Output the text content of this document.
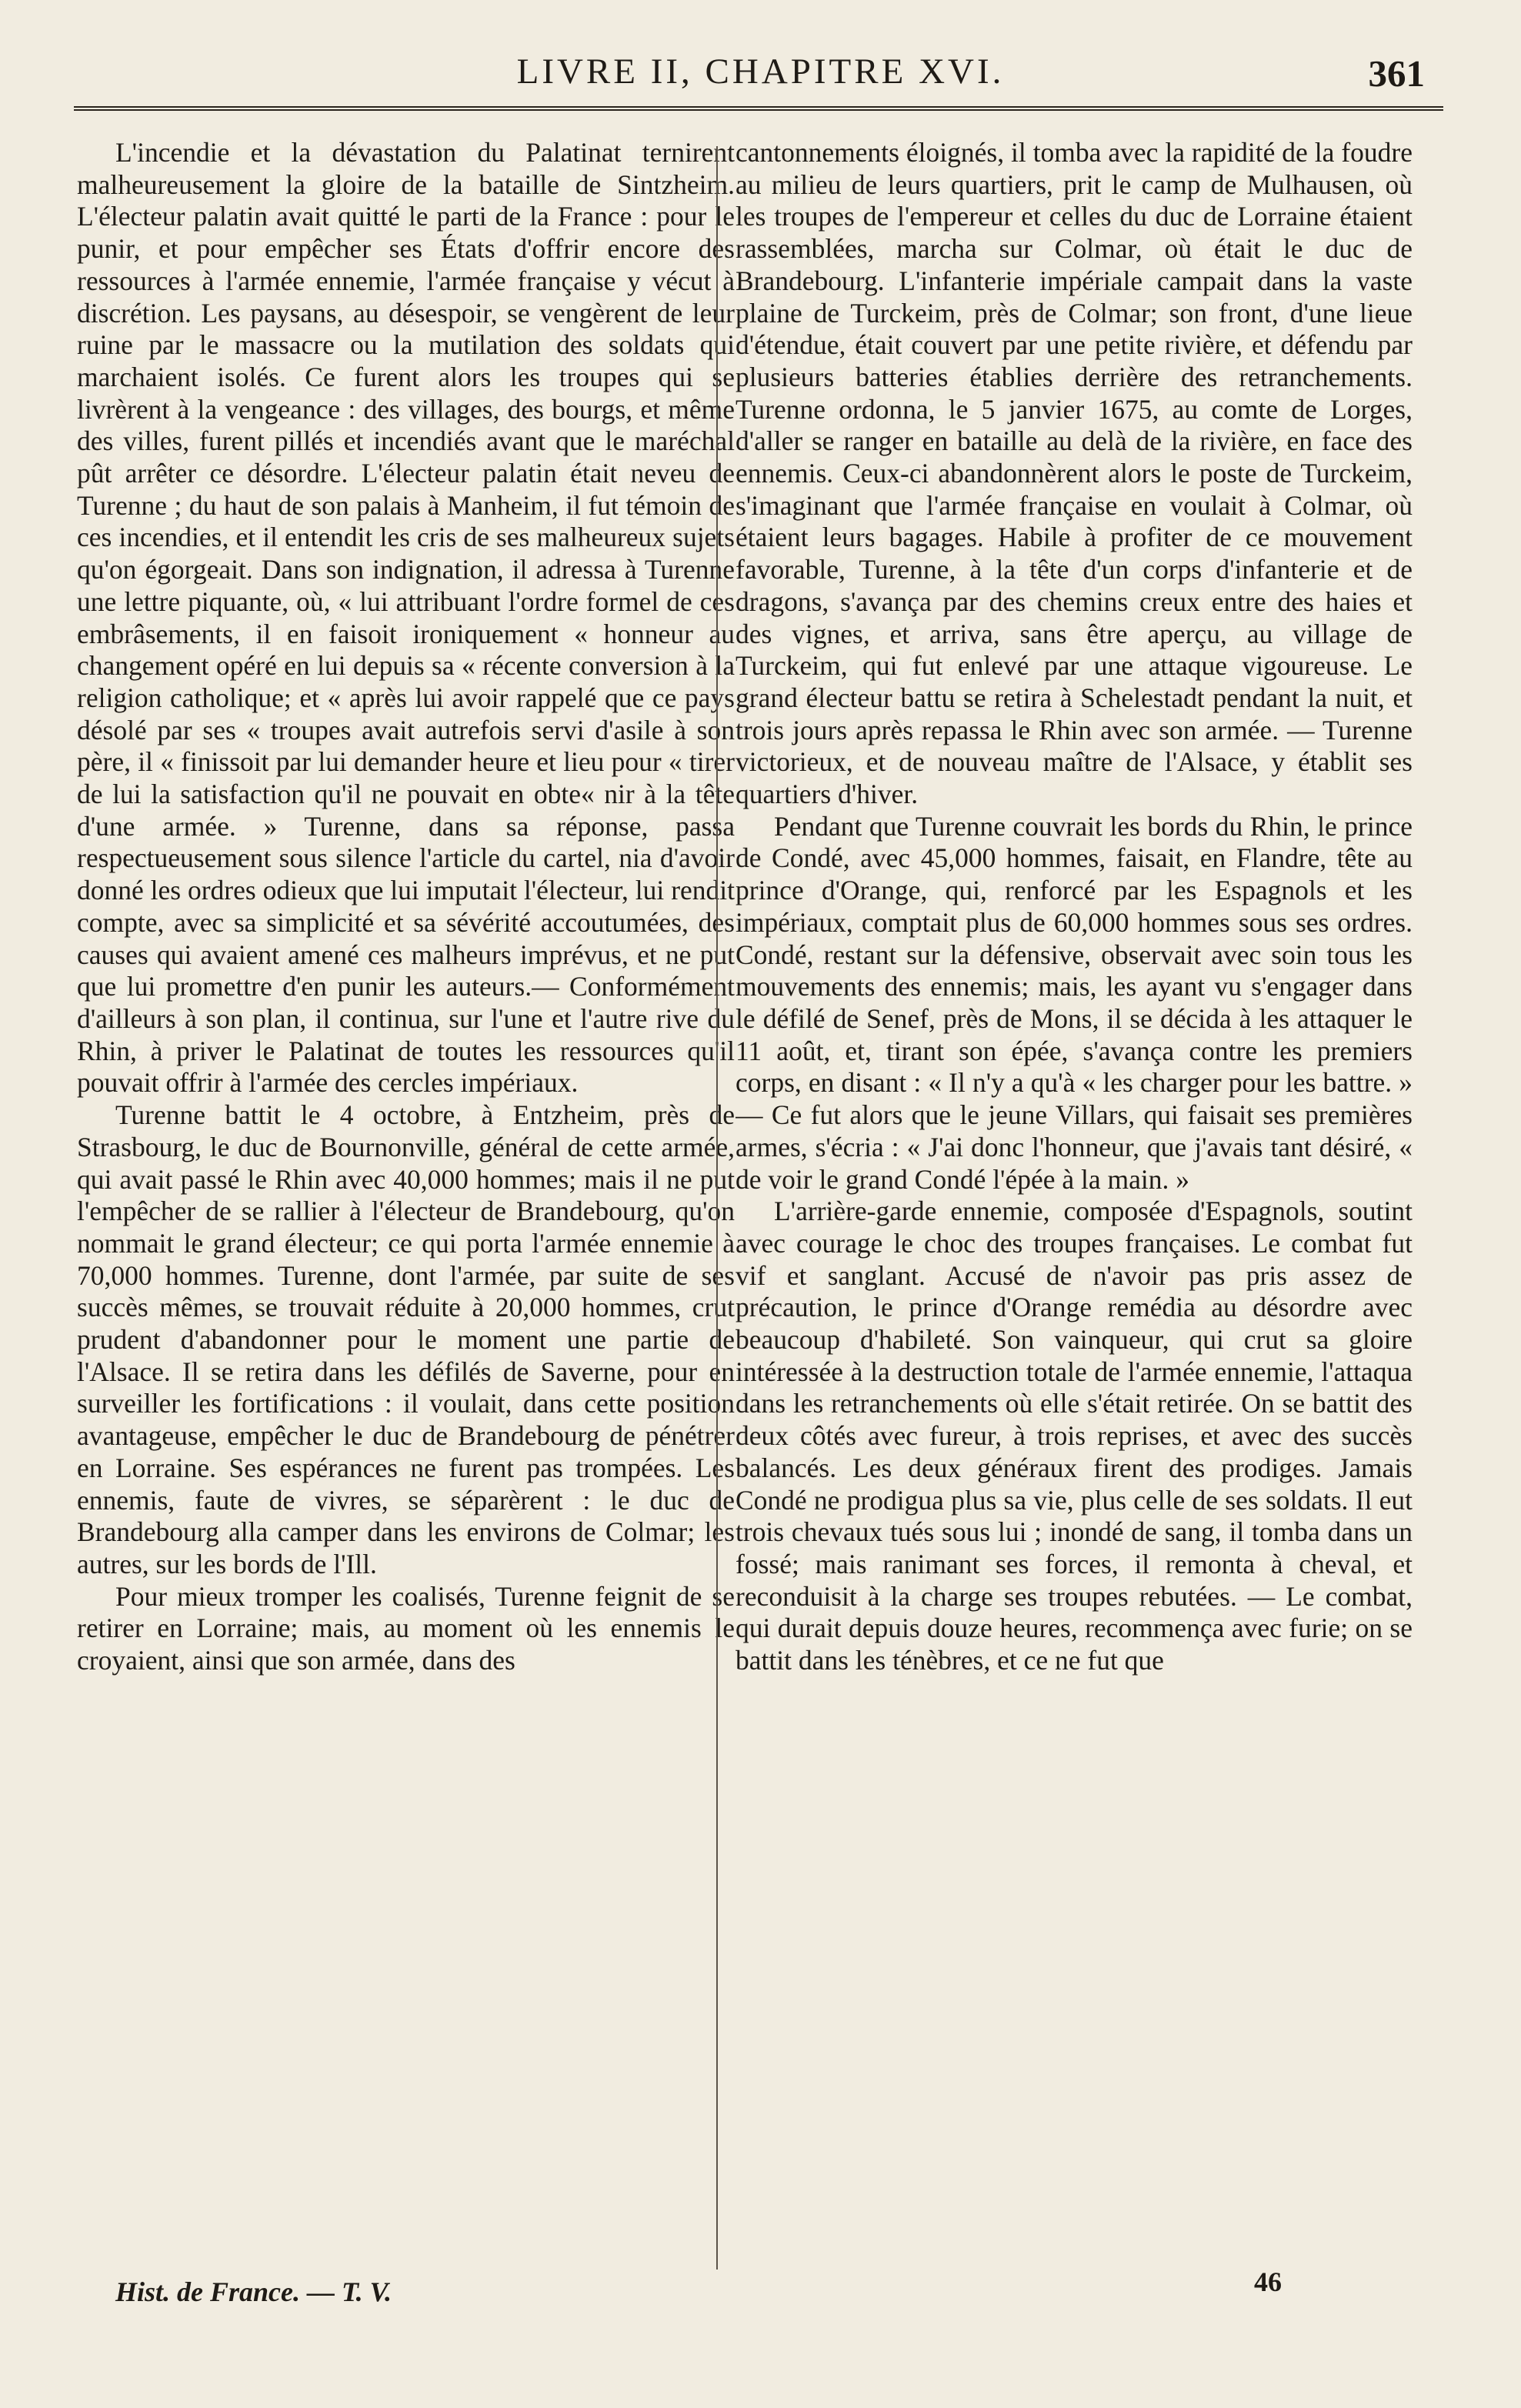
LIVRE II, CHAPITRE XVI.	361

L'incendie et la dévastation du Palatinat ternirent malheureusement la gloire de la bataille de Sintzheim. L'électeur palatin avait quitté le parti de la France : pour le punir, et pour empêcher ses États d'offrir encore des ressources à l'armée ennemie, l'armée française y vécut à discrétion. Les paysans, au désespoir, se vengèrent de leur ruine par le massacre ou la mutilation des soldats qui marchaient isolés. Ce furent alors les troupes qui se livrèrent à la vengeance : des villages, des bourgs, et même des villes, furent pillés et incendiés avant que le maréchal pût arrêter ce désordre. L'électeur palatin était neveu de Turenne ; du haut de son palais à Manheim, il fut témoin de ces incendies, et il entendit les cris de ses malheureux sujets qu'on égorgeait. Dans son indignation, il adressa à Turenne une lettre piquante, où, « lui attribuant l'ordre formel de ces embrâsements, il en faisoit ironiquement « honneur au changement opéré en lui depuis sa « récente conversion à la religion catholique; et « après lui avoir rappelé que ce pays désolé par ses « troupes avait autrefois servi d'asile à son père, il « finissoit par lui demander heure et lieu pour « tirer de lui la satisfaction qu'il ne pouvait en obte« nir à la tête d'une armée. » Turenne, dans sa réponse, passa respectueusement sous silence l'article du cartel, nia d'avoir donné les ordres odieux que lui imputait l'électeur, lui rendit compte, avec sa simplicité et sa sévérité accoutumées, des causes qui avaient amené ces malheurs imprévus, et ne put que lui promettre d'en punir les auteurs.— Conformément d'ailleurs à son plan, il continua, sur l'une et l'autre rive du Rhin, à priver le Palatinat de toutes les ressources qu'il pouvait offrir à l'armée des cercles impériaux.

Turenne battit le 4 octobre, à Entzheim, près de Strasbourg, le duc de Bournonville, général de cette armée, qui avait passé le Rhin avec 40,000 hommes; mais il ne put l'empêcher de se rallier à l'électeur de Brandebourg, qu'on nommait le grand électeur; ce qui porta l'armée ennemie à 70,000 hommes. Turenne, dont l'armée, par suite de ses succès mêmes, se trouvait réduite à 20,000 hommes, crut prudent d'abandonner pour le moment une partie de l'Alsace. Il se retira dans les défilés de Saverne, pour en surveiller les fortifications : il voulait, dans cette position avantageuse, empêcher le duc de Brandebourg de pénétrer en Lorraine. Ses espérances ne furent pas trompées. Les ennemis, faute de vivres, se séparèrent : le duc de Brandebourg alla camper dans les environs de Colmar; les autres, sur les bords de l'Ill.

Pour mieux tromper les coalisés, Turenne feignit de se retirer en Lorraine; mais, au moment où les ennemis le croyaient, ainsi que son armée, dans des

cantonnements éloignés, il tomba avec la rapidité de la foudre au milieu de leurs quartiers, prit le camp de Mulhausen, où les troupes de l'empereur et celles du duc de Lorraine étaient rassemblées, marcha sur Colmar, où était le duc de Brandebourg. L'infanterie impériale campait dans la vaste plaine de Turckeim, près de Colmar; son front, d'une lieue d'étendue, était couvert par une petite rivière, et défendu par plusieurs batteries établies derrière des retranchements. Turenne ordonna, le 5 janvier 1675, au comte de Lorges, d'aller se ranger en bataille au delà de la rivière, en face des ennemis. Ceux-ci abandonnèrent alors le poste de Turckeim, s'imaginant que l'armée française en voulait à Colmar, où étaient leurs bagages. Habile à profiter de ce mouvement favorable, Turenne, à la tête d'un corps d'infanterie et de dragons, s'avança par des chemins creux entre des haies et des vignes, et arriva, sans être aperçu, au village de Turckeim, qui fut enlevé par une attaque vigoureuse. Le grand électeur battu se retira à Schelestadt pendant la nuit, et trois jours après repassa le Rhin avec son armée. — Turenne victorieux, et de nouveau maître de l'Alsace, y établit ses quartiers d'hiver.

Pendant que Turenne couvrait les bords du Rhin, le prince de Condé, avec 45,000 hommes, faisait, en Flandre, tête au prince d'Orange, qui, renforcé par les Espagnols et les impériaux, comptait plus de 60,000 hommes sous ses ordres. Condé, restant sur la défensive, observait avec soin tous les mouvements des ennemis; mais, les ayant vu s'engager dans le défilé de Senef, près de Mons, il se décida à les attaquer le 11 août, et, tirant son épée, s'avança contre les premiers corps, en disant : « Il n'y a qu'à « les charger pour les battre. » — Ce fut alors que le jeune Villars, qui faisait ses premières armes, s'écria : « J'ai donc l'honneur, que j'avais tant désiré, « de voir le grand Condé l'épée à la main. »

L'arrière-garde ennemie, composée d'Espagnols, soutint avec courage le choc des troupes françaises. Le combat fut vif et sanglant. Accusé de n'avoir pas pris assez de précaution, le prince d'Orange remédia au désordre avec beaucoup d'habileté. Son vainqueur, qui crut sa gloire intéressée à la destruction totale de l'armée ennemie, l'attaqua dans les retranchements où elle s'était retirée. On se battit des deux côtés avec fureur, à trois reprises, et avec des succès balancés. Les deux généraux firent des prodiges. Jamais Condé ne prodigua plus sa vie, plus celle de ses soldats. Il eut trois chevaux tués sous lui ; inondé de sang, il tomba dans un fossé; mais ranimant ses forces, il remonta à cheval, et reconduisit à la charge ses troupes rebutées. — Le combat, qui durait depuis douze heures, recommença avec furie; on se battit dans les ténèbres, et ce ne fut que

Hist. de France. — T. V.	46
